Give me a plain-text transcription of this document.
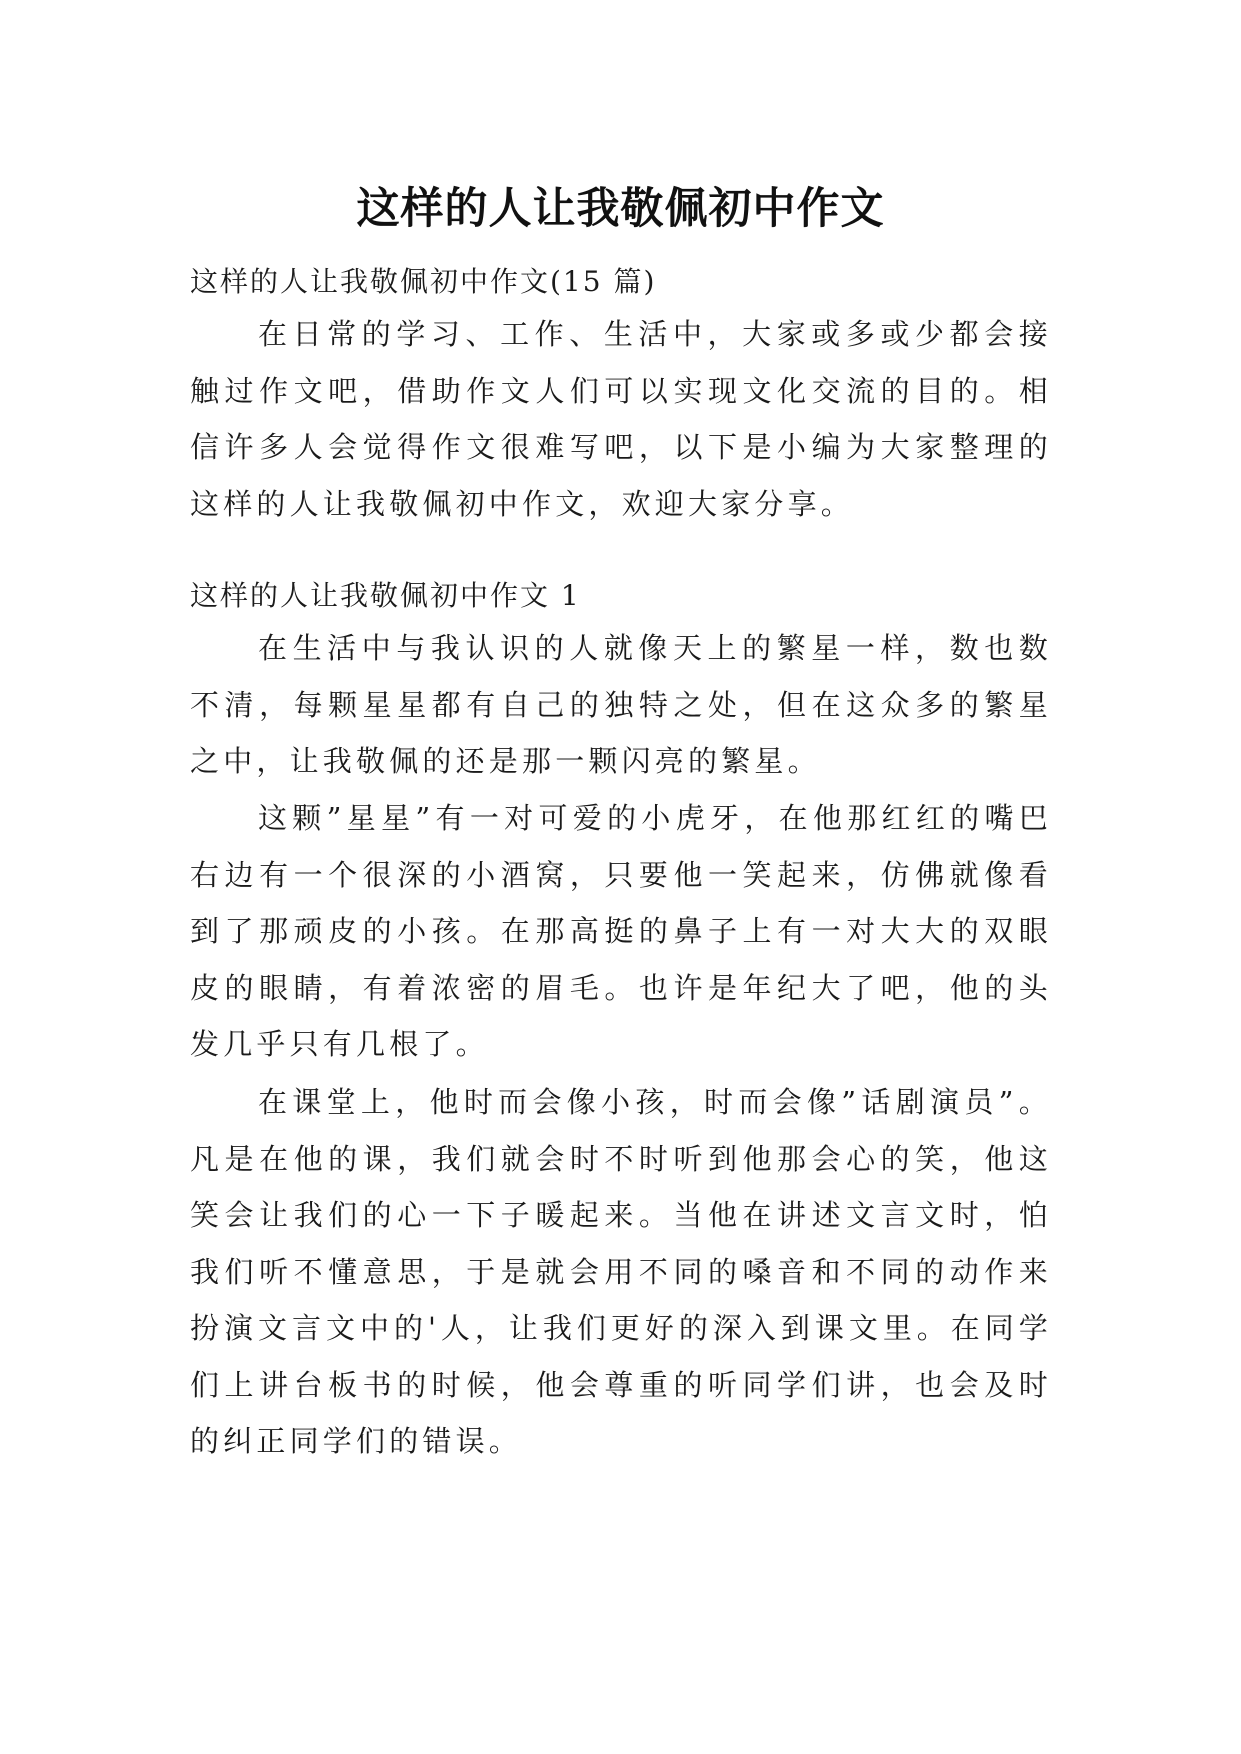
这样的人让我敬佩初中作文

这样的人让我敬佩初中作文(15 篇)

在日常的学习、工作、生活中，大家或多或少都会接触过作文吧，借助作文人们可以实现文化交流的目的。相信许多人会觉得作文很难写吧，以下是小编为大家整理的这样的人让我敬佩初中作文，欢迎大家分享。

这样的人让我敬佩初中作文 1

在生活中与我认识的人就像天上的繁星一样，数也数不清，每颗星星都有自己的独特之处，但在这众多的繁星之中，让我敬佩的还是那一颗闪亮的繁星。

这颗”星星”有一对可爱的小虎牙，在他那红红的嘴巴右边有一个很深的小酒窝，只要他一笑起来，仿佛就像看到了那顽皮的小孩。在那高挺的鼻子上有一对大大的双眼皮的眼睛，有着浓密的眉毛。也许是年纪大了吧，他的头发几乎只有几根了。

在课堂上，他时而会像小孩，时而会像”话剧演员”。凡是在他的课，我们就会时不时听到他那会心的笑，他这笑会让我们的心一下子暖起来。当他在讲述文言文时，怕我们听不懂意思，于是就会用不同的嗓音和不同的动作来扮演文言文中的'人，让我们更好的深入到课文里。在同学们上讲台板书的时候，他会尊重的听同学们讲，也会及时的纠正同学们的错误。
